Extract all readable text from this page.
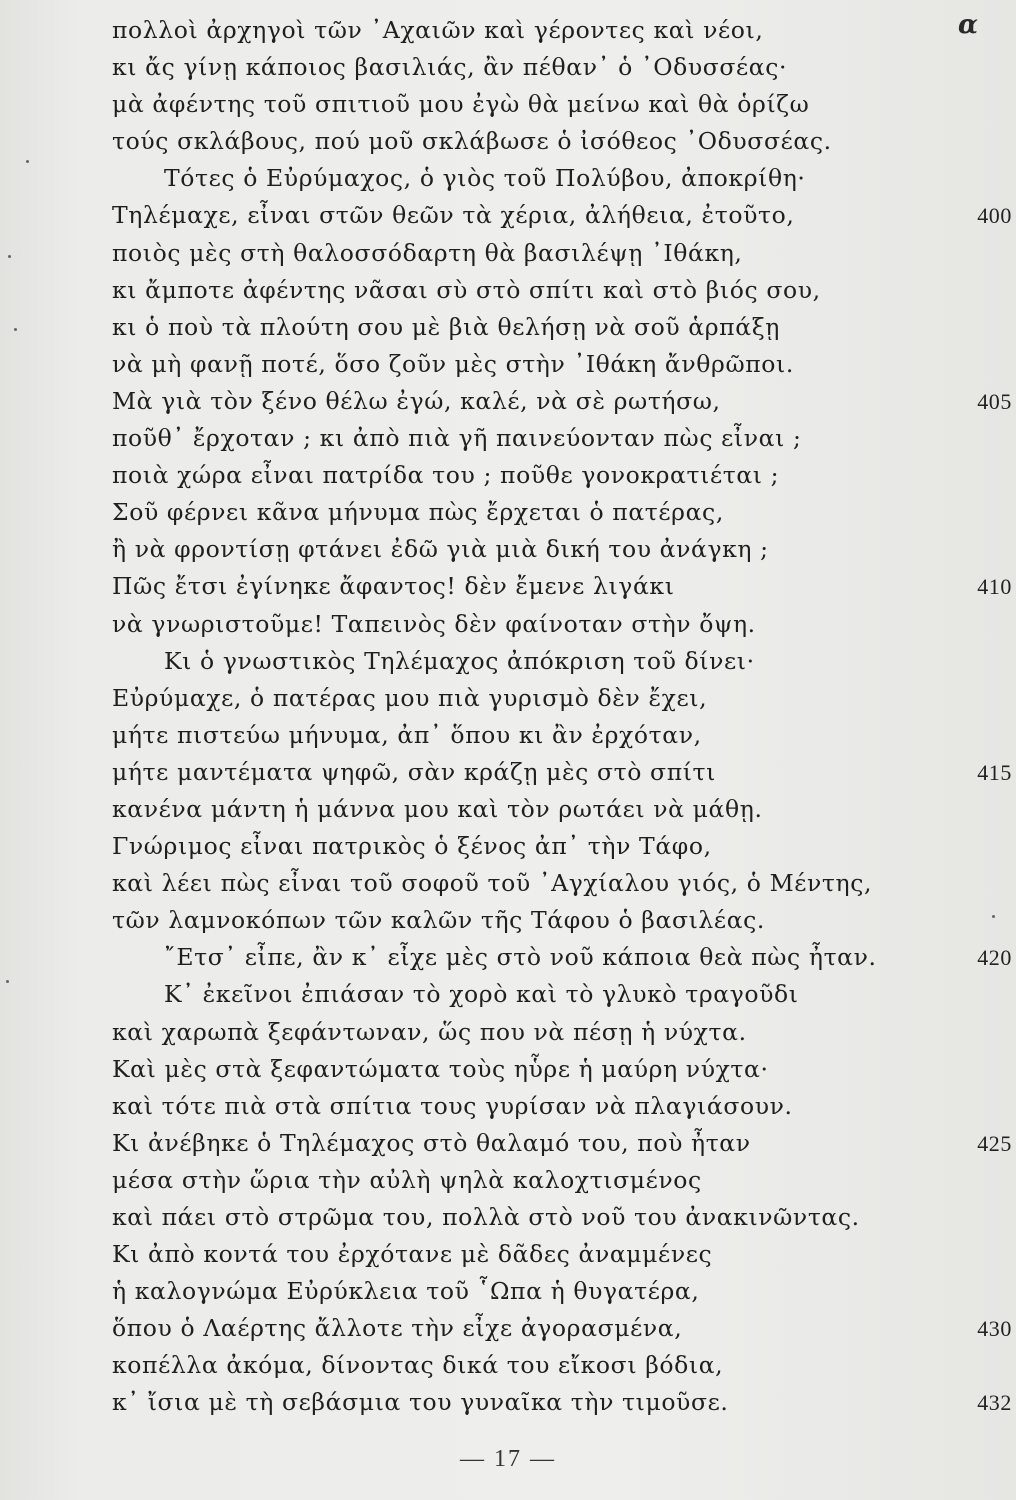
α
πολλοὶ ἀρχηγοὶ τῶν ᾿Αχαιῶν καὶ γέροντες καὶ νέοι,
κι ἄς γίνῃ κάποιος βασιλιάς, ἂν πέθαν᾿ ὁ ᾿Οδυσσέας·
μὰ ἀφέντης τοῦ σπιτιοῦ μου ἐγὼ θὰ μείνω καὶ θὰ ὁρίζω
τούς σκλάβους, πού μοῦ σκλάβωσε ὁ ἰσόθεος ᾿Οδυσσέας.
Τότες ὁ Εὐρύμαχος, ὁ γιὸς τοῦ Πολύβου, ἀποκρίθη·
Τηλέμαχε, εἶναι στῶν θεῶν τὰ χέρια, ἀλήθεια, ἐτοῦτο,	400
ποιὸς μὲς στὴ θαλοσσόδαρτη θὰ βασιλέψῃ ᾿Ιθάκη,
κι ἄμποτε ἀφέντης νᾶσαι σὺ στὸ σπίτι καὶ στὸ βιός σου,
κι ὁ ποὺ τὰ πλούτη σου μὲ βιὰ θελήσῃ νὰ σοῦ ἁρπάξῃ
νὰ μὴ φανῇ ποτέ, ὅσο ζοῦν μὲς στὴν ᾿Ιθάκη ἄνθρῶποι.
Μὰ γιὰ τὸν ξένο θέλω ἐγώ, καλέ, νὰ σὲ ρωτήσω,	405
ποῦθ᾿ ἔρχοταν ; κι ἀπὸ πιὰ γῆ παινεύονταν πὼς εἶναι ;
ποιὰ χώρα εἶναι πατρίδα του ; ποῦθε γονοκρατιέται ;
Σοῦ φέρνει κᾶνα μήνυμα πὼς ἔρχεται ὁ πατέρας,
ἢ νὰ φροντίσῃ φτάνει ἐδῶ γιὰ μιὰ δική του ἀνάγκη ;
Πῶς ἔτσι ἐγίνηκε ἄφαντος! δὲν ἔμενε λιγάκι	410
νὰ γνωριστοῦμε! Ταπεινὸς δὲν φαίνοταν στὴν ὄψη.
Κι ὁ γνωστικὸς Τηλέμαχος ἀπόκριση τοῦ δίνει·
Εὐρύμαχε, ὁ πατέρας μου πιὰ γυρισμὸ δὲν ἔχει,
μήτε πιστεύω μήνυμα, ἀπ᾿ ὅπου κι ἂν ἐρχόταν,
μήτε μαντέματα ψηφῶ, σὰν κράζῃ μὲς στὸ σπίτι	415
κανένα μάντη ἡ μάννα μου καὶ τὸν ρωτάει νὰ μάθῃ.
Γνώριμος εἶναι πατρικὸς ὁ ξένος ἀπ᾿ τὴν Τάφο,
καὶ λέει πὼς εἶναι τοῦ σοφοῦ τοῦ ᾿Αγχίαλου γιός, ὁ Μέντης,
τῶν λαμνοκόπων τῶν καλῶν τῆς Τάφου ὁ βασιλέας.
῎Ετσ᾿ εἶπε, ἂν κ᾿ εἶχε μὲς στὸ νοῦ κάποια θεὰ πὼς ἦταν.	420
Κ᾿ ἐκεῖνοι ἐπιάσαν τὸ χορὸ καὶ τὸ γλυκὸ τραγοῦδι
καὶ χαρωπὰ ξεφάντωναν, ὥς που νὰ πέσῃ ἡ νύχτα.
Καὶ μὲς στὰ ξεφαντώματα τοὺς ηὗρε ἡ μαύρη νύχτα·
καὶ τότε πιὰ στὰ σπίτια τους γυρίσαν νὰ πλαγιάσουν.
Κι ἀνέβηκε ὁ Τηλέμαχος στὸ θαλαμό του, ποὺ ἦταν	425
μέσα στὴν ὥρια τὴν αὐλὴ ψηλὰ καλοχτισμένος
καὶ πάει στὸ στρῶμα του, πολλὰ στὸ νοῦ του ἀνακινῶντας.
Κι ἀπὸ κοντά του ἐρχότανε μὲ δᾶδες ἀναμμένες
ἡ καλογνώμα Εὐρύκλεια τοῦ ῟Ωπα ἡ θυγατέρα,
ὅπου ὁ Λαέρτης ἄλλοτε τὴν εἶχε ἀγορασμένα,	430
κοπέλλα ἀκόμα, δίνοντας δικά του εἴκοσι βόδια,
κ᾿ ἴσια μὲ τὴ σεβάσμια του γυναῖκα τὴν τιμοῦσε.	432
— 17 —
